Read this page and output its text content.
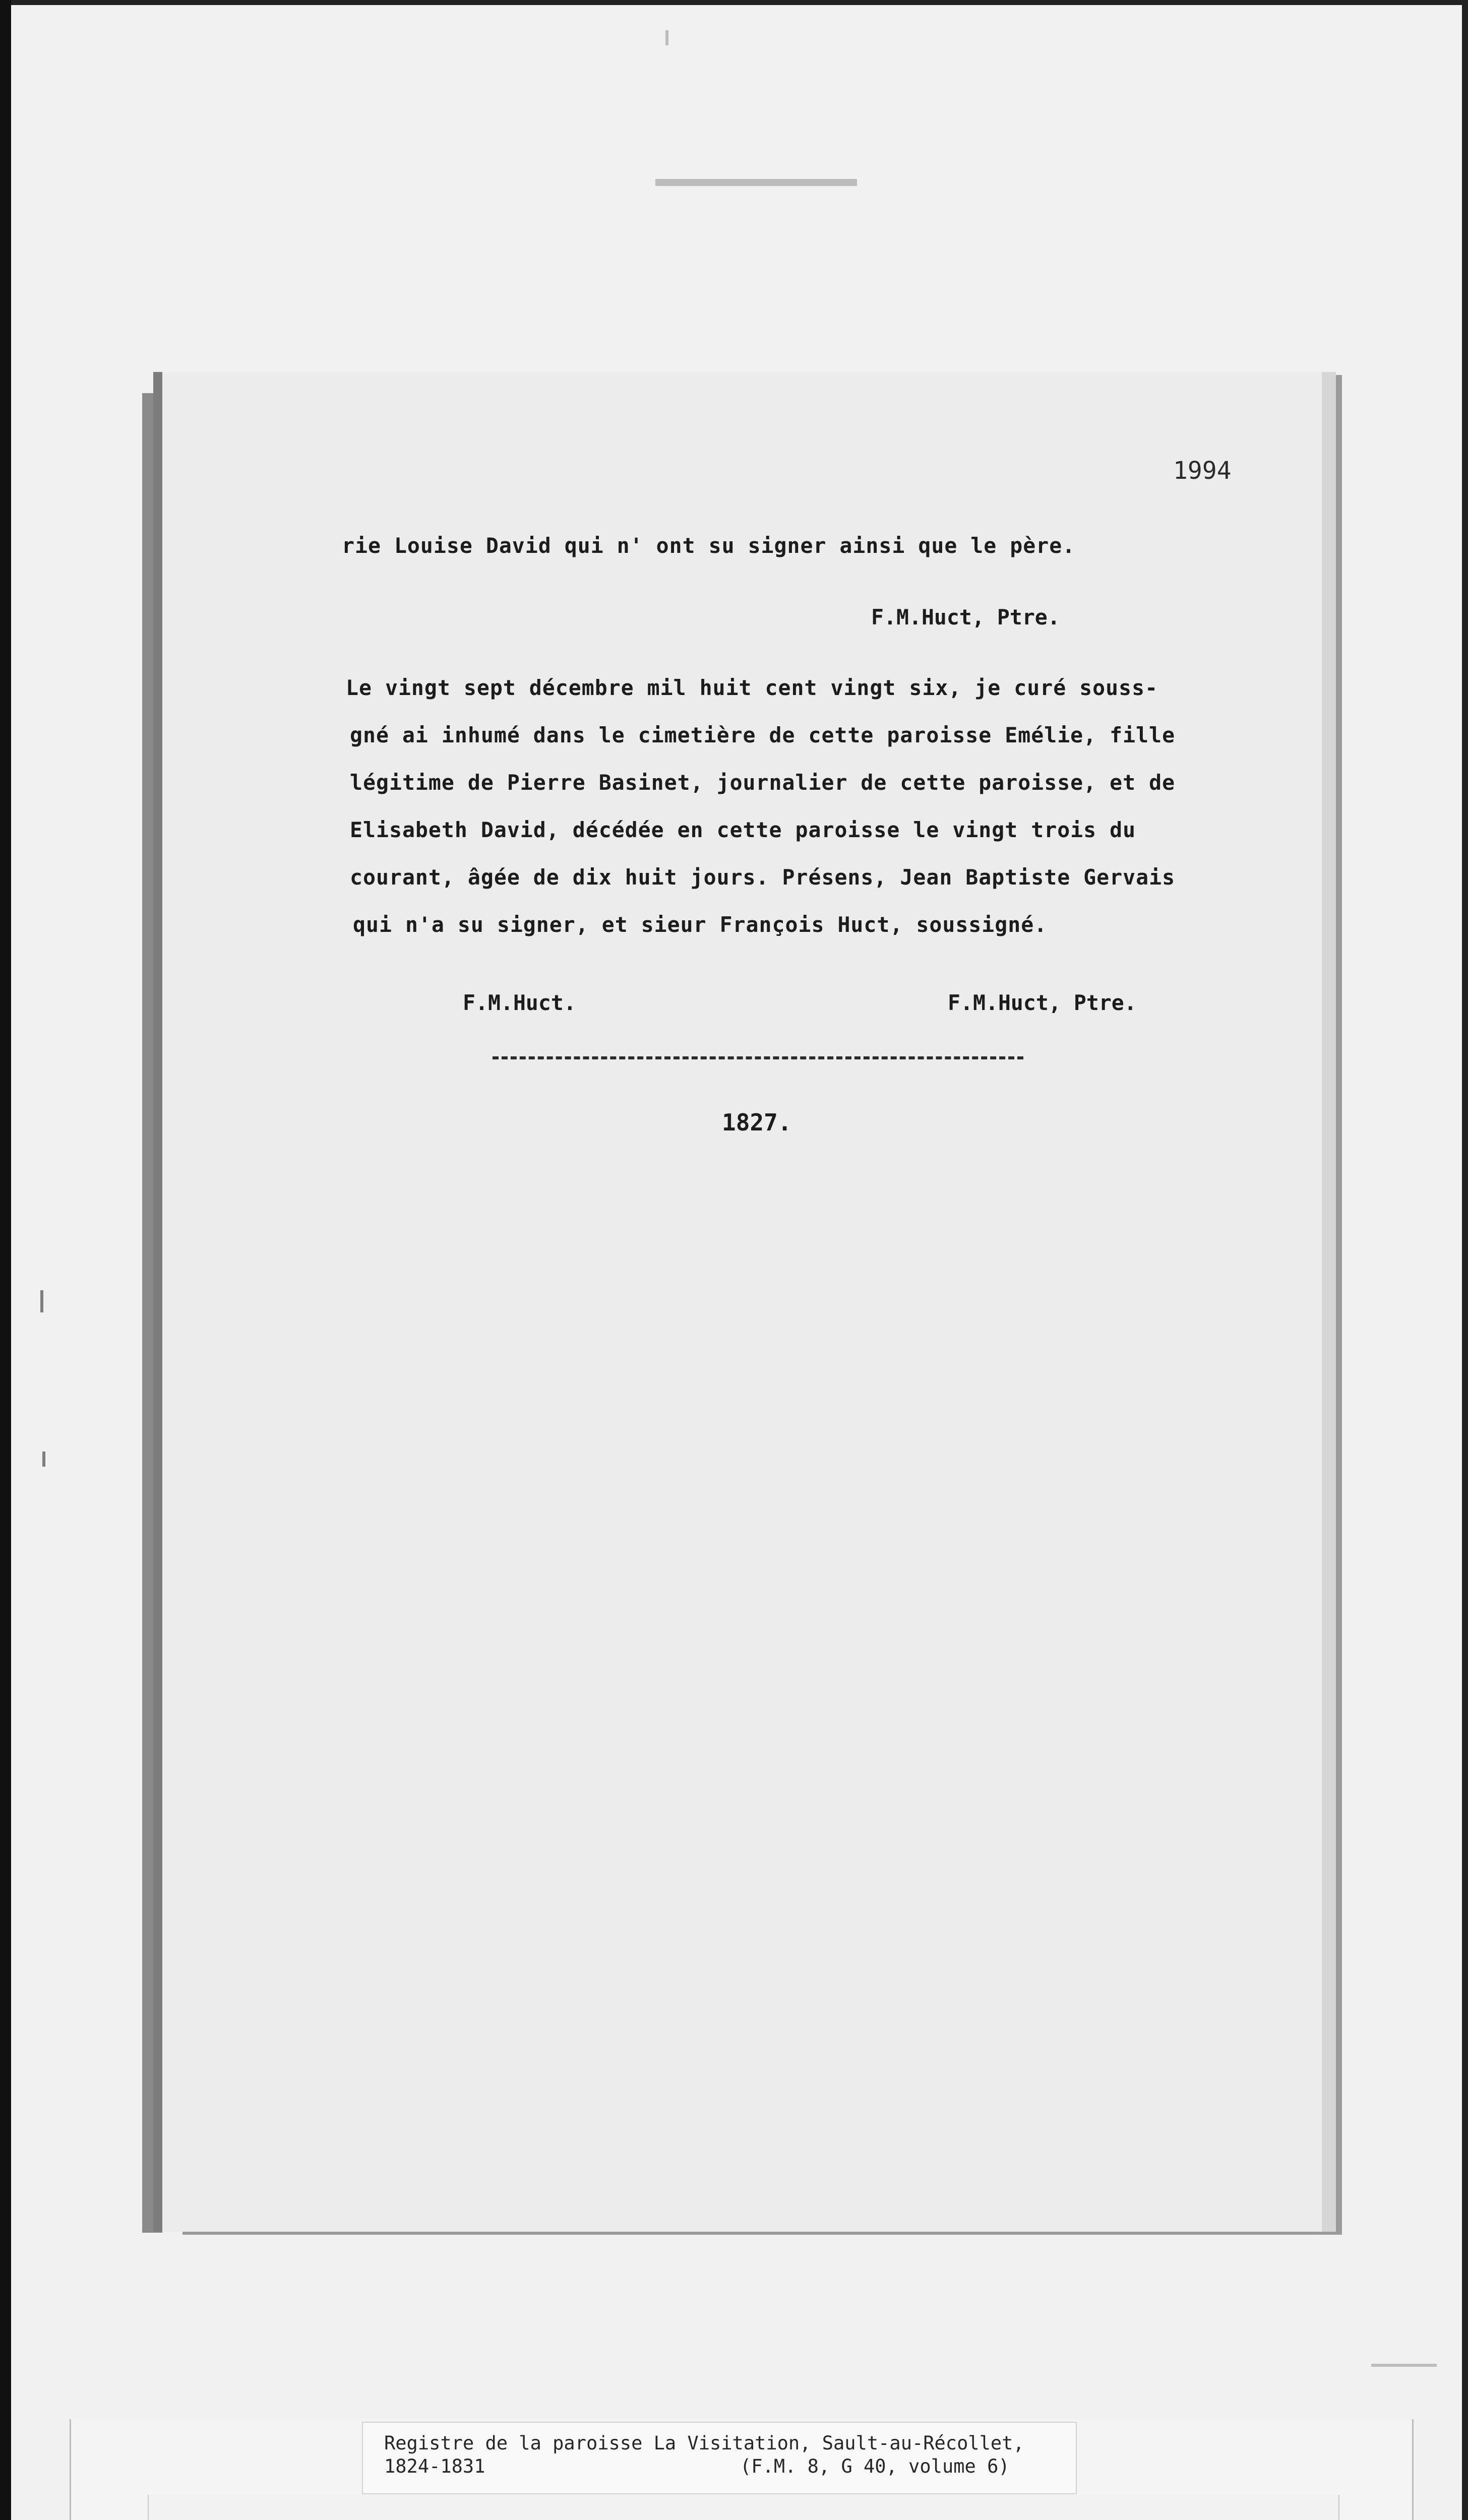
1994
rie Louise David qui n' ont su signer ainsi que le père.
F.M.Huct, Ptre.
Le vingt sept décembre mil huit cent vingt six, je curé souss-
gné ai inhumé dans le cimetière de cette paroisse Emélie, fille
légitime de Pierre Basinet, journalier de cette paroisse, et de
Elisabeth David, décédée en cette paroisse le vingt trois du
courant, âgée de dix huit jours. Présens, Jean Baptiste Gervais
qui n'a su signer, et sieur François Huct, soussigné.
F.M.Huct.	F.M.Huct, Ptre.
1827.
Registre de la paroisse La Visitation, Sault-au-Récollet,
1824-1831	(F.M. 8, G 40, volume 6)
